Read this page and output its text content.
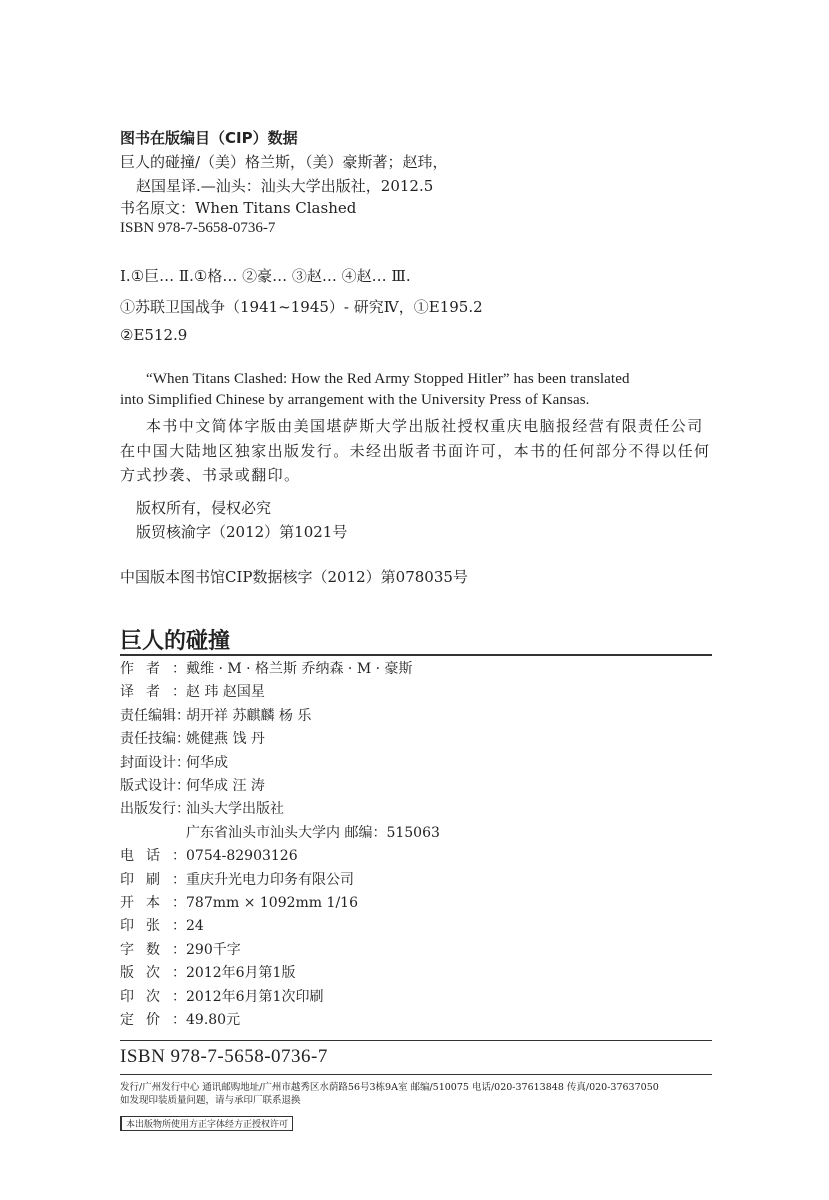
图书在版编目（CIP）数据
巨人的碰撞/（美）格兰斯，（美）豪斯著；赵玮，
赵国星译.—汕头：汕头大学出版社，2012.5
书名原文：When Titans Clashed
ISBN 978-7-5658-0736-7
Ⅰ.①巨… Ⅱ.①格… ②豪… ③赵… ④赵… Ⅲ.
①苏联卫国战争（1941~1945）- 研究Ⅳ，①E195.2
②E512.9
“When Titans Clashed: How the Red Army Stopped Hitler” has been translated
into Simplified Chinese by arrangement with the University Press of Kansas.
本书中文简体字版由美国堪萨斯大学出版社授权重庆电脑报经营有限责任公司
在中国大陆地区独家出版发行。未经出版者书面许可，本书的任何部分不得以任何
方式抄袭、书录或翻印。
版权所有，侵权必究
版贸核渝字（2012）第1021号
中国版本图书馆CIP数据核字（2012）第078035号
巨人的碰撞
作者：戴维 · M · 格兰斯 乔纳森 · M · 豪斯
译者：赵 玮 赵国星
责任编辑：胡开祥 苏麒麟 杨 乐
责任技编：姚健燕 饯 丹
封面设计：何华成
版式设计：何华成 汪 涛
出版发行：汕头大学出版社
广东省汕头市汕头大学内 邮编：515063
电话：0754-82903126
印刷：重庆升光电力印务有限公司
开本：787mm × 1092mm 1/16
印张：24
字数：290千字
版次：2012年6月第1版
印次：2012年6月第1次印刷
定价：49.80元
ISBN 978-7-5658-0736-7
发行/广州发行中心 通讯邮购地址/广州市越秀区水荫路56号3栋9A室 邮编/510075 电话/020-37613848 传真/020-37637050
如发现印装质量问题，请与承印厂联系退换
本出版物所使用方正字体经方正授权许可
